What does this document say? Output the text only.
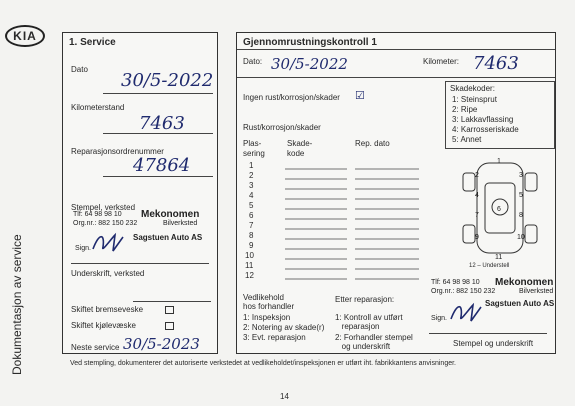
KIA
Dokumentasjon av service
1. Service
Dato
30/5-2022
Kilometerstand
7463
Reparasjonsordrenummer
47864
Stempel, verksted
Tlf: 64 98 98 10 Mekonomen
Org.nr.: 882 150 232	Bilverksted
Sagstuen Auto AS
Sign.
Underskrift, verksted
Skiftet bremseveske
Skiftet kjølevæske
Neste service 30/5-2023
Gjennomrustningskontroll 1
Dato: 30/5-2022	Kilometer: 7463
Ingen rust/korrosjon/skader ☑
Rust/korrosjon/skader
Plas-
sering
Skade-
kode
Rep. dato
1
2
3
4
5
6
7
8
9
10
11
12
Skadekoder:
1: Steinsprut
2: Ripe
3: Lakkavflassing
4: Karrosseriskade
5: Annet
1
2	3
4	5
6
7	8
9	10
11
12 – Understell
Vedlikehold
hos forhandler
1: Inspeksjon
2: Notering av skade(r)
3: Evt. reparasjon
Etter reparasjon:
1: Kontroll av utført
reparasjon
2: Forhandler stempel
og underskrift
Tlf: 64 98 98 10 Mekonomen
Org.nr.: 882 150 232	Bilverksted
Sagstuen Auto AS
Sign.
Stempel og underskrift
Ved stempling, dokumenterer det autoriserte verkstedet at vedlikeholdet/inspeksjonen er utført iht. fabrikkantens anvisninger.
14
